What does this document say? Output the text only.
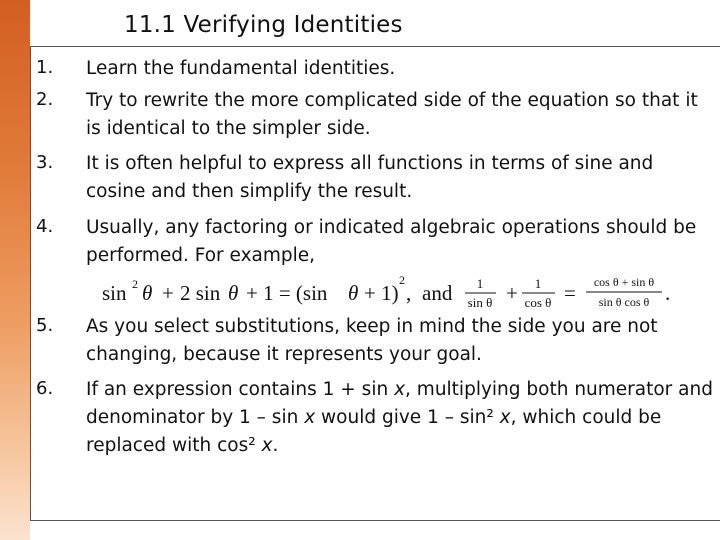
11.1 Verifying Identities
1. Learn the fundamental identities.
2. Try to rewrite the more complicated side of the equation so that it is identical to the simpler side.
3. It is often helpful to express all functions in terms of sine and cosine and then simplify the result.
4. Usually, any factoring or indicated algebraic operations should be performed. For example,
sin 2 θ + 2 sin θ + 1 = (sin θ + 1)
2
, and 1
sin θ + 1
cos θ = cos θ + sin θ
sin θ cos θ .
5. As you select substitutions, keep in mind the side you are not changing, because it represents your goal.
6. If an expression contains 1 + sin x, multiplying both numerator and denominator by 1 – sin x would give 1 – sin² x, which could be replaced with cos² x.
